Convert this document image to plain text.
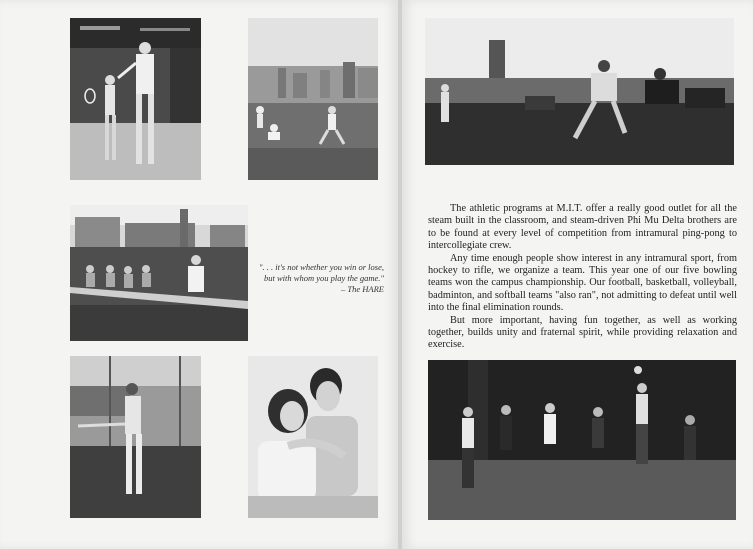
". . . it's not whether you win or lose,
but with whom you play the game."
– The HARE

The athletic programs at M.I.T. offer a really good outlet for all the steam built in the classroom, and steam-driven Phi Mu Delta brothers are to be found at every level of competition from intramural ping-pong to intercollegiate crew.

Any time enough people show interest in any intramural sport, from hockey to rifle, we organize a team. This year one of our five bowling teams won the campus championship. Our football, basketball, volleyball, badminton, and softball teams "also ran", not admitting to defeat until well into the final elimination rounds.

But more important, having fun together, as well as working together, builds unity and fraternal spirit, while providing relaxation and exercise.
